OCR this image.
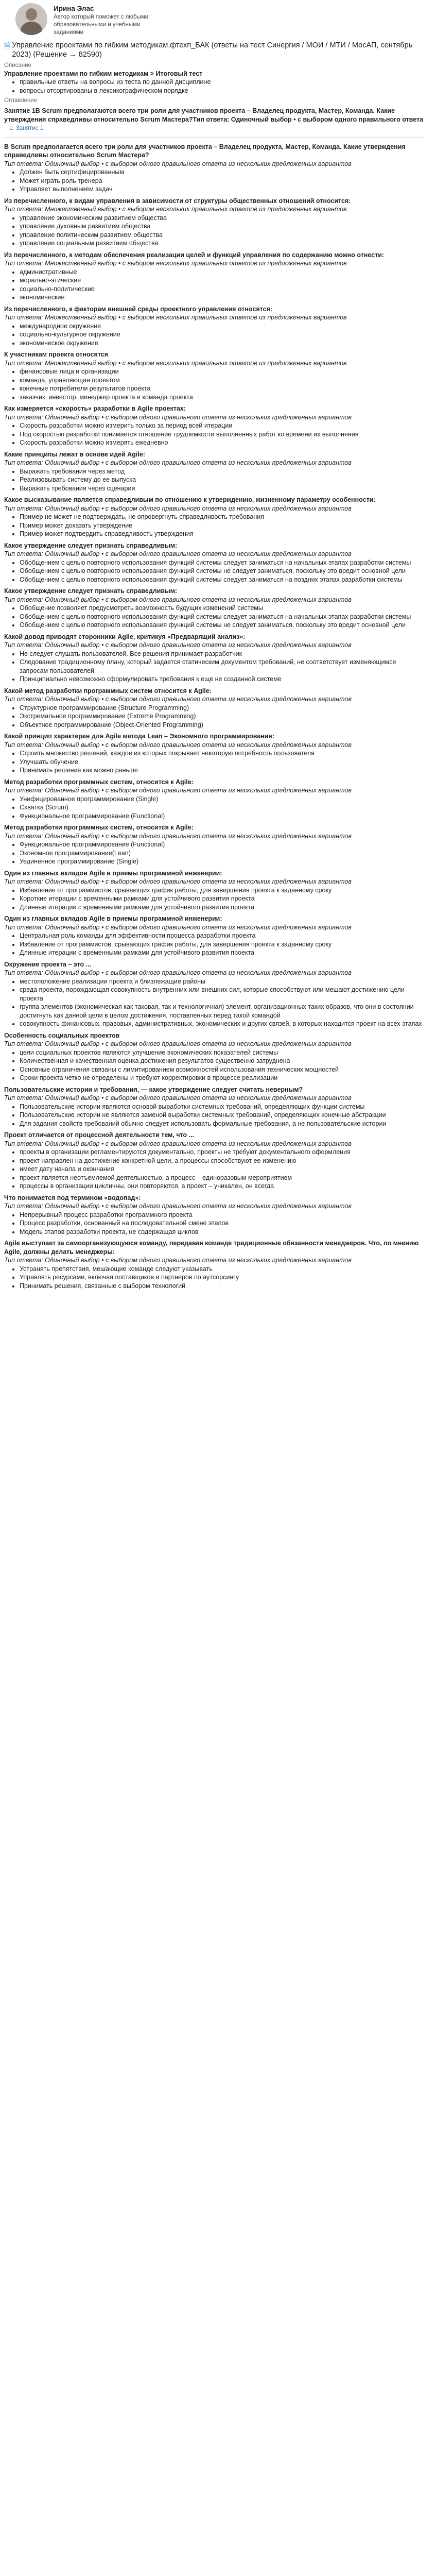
Ирина Элас
Автор который поможет с любыми образовательными и учебными заданиями
🗎 Управление проектами по гибким методикам.фтехп_БАК (ответы на тест Синергия / МОИ / МТИ / МосАП, сентябрь 2023) (Решение → 82590)
Описание
Управление проектами по гибким методикам > Итоговый тест
• правильные ответы на вопросы из теста по данной дисциплине
• вопросы отсортированы в лексикографическом порядке
Оглавление
Занятие 1В Scrum предполагаются всего три роли для участников проекта – Владелец продукта, Мастер, Команда. Какие утверждения справедливы относительно Scrum Мастера?Тип ответа: Одиночный выбор • с выбором одного правильного ответа
1. Занятие 1
В Scrum предполагается всего три роли для участников проекта – Владелец продукта, Мастер, Команда. Какие утверждения справедливы относительно Scrum Мастера?
Тип ответа: Одиночный выбор • с выбором одного правильного ответа из нескольких предложенных вариантов
• Должен быть сертифицированным
• Может играть роль тренера
• Управляет выполнением задач
Из перечисленного, к видам управления в зависимости от структуры общественных отношений относится:
Тип ответа: Множественный выбор • с выбором нескольких правильных ответов из предложенных вариантов
• управление экономическим развитием общества
• управление духовным развитием общества
• управление политическим развитием общества
• управление социальным развитием общества
Из перечисленного, к методам обеспечения реализации целей и функций управления по содержанию можно отнести:
Тип ответа: Множественный выбор • с выбором нескольких правильных ответов из предложенных вариантов
• административные
• морально-этические
• социально-политические
• экономические
Из перечисленного, к факторам внешней среды проектного управления относятся:
Тип ответа: Множественный выбор • с выбором нескольких правильных ответов из предложенных вариантов
• международное окружение
• социально-культурное окружение
• экономическое окружение
К участникам проекта относятся
Тип ответа: Множественный выбор • с выбором нескольких правильных ответов из предложенных вариантов
• финансовые лица и организации
• команда, управляющая проектом
• конечные потребители результатов проекта
• заказчик, инвестор, менеджер проекта и команда проекта
Как измеряется «скорость» разработки в Agile проектах:
Тип ответа: Одиночный выбор • с выбором одного правильного ответа из нескольких предложенных вариантов
• Скорость разработки можно измерить только за период всей итерации
• Под скоростью разработки понимается отношение трудоемкости выполненных работ ко времени их выполнения
• Скорость разработки можно измерять ежедневно
Какие принципы лежат в основе идей Agile:
Тип ответа: Одиночный выбор • с выбором одного правильного ответа из нескольких предложенных вариантов
• Выражать требования через метод
• Реализовывать систему до ее выпуска
• Выражать требования через сценарии
Какое высказывание является справедливым по отношению к утверждению, жизненному параметру особенности:
Тип ответа: Одиночный выбор • с выбором одного правильного ответа из нескольких предложенных вариантов
• Пример не может не подтверждать, не опровергнуть справедливость требования
• Пример может доказать утверждение
• Пример может подтвердить справедливость утверждения
Какое утверждение следует признать справедливым:
Тип ответа: Одиночный выбор • с выбором одного правильного ответа из нескольких предложенных вариантов
• Обобщением с целью повторного использования функций системы следует заниматься на начальных этапах разработки системы
• Обобщением с целью повторного использования функций системы не следует заниматься, поскольку это вредит основной цели
• Обобщением с целью повторного использования функций системы следует заниматься на поздних этапах разработки системы
Какое утверждение следует признать справедливым:
Тип ответа: Одиночный выбор • с выбором одного правильного ответа из нескольких предложенных вариантов
• Обобщение позволяет предусмотреть возможность будущих изменений системы
• Обобщением с целью повторного использования функций системы следует заниматься на начальных этапах разработки системы
• Обобщением с целью повторного использования функций системы не следует заниматься, поскольку это вредит основной цели
Какой довод приводят сторонники Agile, критикуя «Предварящий анализ»:
Тип ответа: Одиночный выбор • с выбором одного правильного ответа из нескольких предложенных вариантов
• Не следует слушать пользователей. Все решения принимает разработчик
• Следование традиционному плану, который задается статическим документом требований, не соответствует изменяющимся запросам пользователей
• Принципиально невозможно сформулировать требования к еще не созданной системе
Какой метод разработки программных систем относится к Agile:
Тип ответа: Одиночный выбор • с выбором одного правильного ответа из нескольких предложенных вариантов
• Структурное программирование (Structure Programming)
• Экстремальное программирование (Extreme Programming)
• Объектное программирование (Object-Oriented Programming)
Какой принцип характерен для Agile метода Lean – Экономного программирования:
Тип ответа: Одиночный выбор • с выбором одного правильного ответа из нескольких предложенных вариантов
• Строить множество решений, каждое из которых покрывает некоторую потребность пользователя
• Улучшать обучение
• Принимать решение как можно раньше
Метод разработки программных систем, относится к Agile:
Тип ответа: Одиночный выбор • с выбором одного правильного ответа из нескольких предложенных вариантов
• Унифицированное программирование (Single)
• Схватка (Scrum)
• Функциональное программирование (Functional)
Метод разработки программных систем, относится к Agile:
Тип ответа: Одиночный выбор • с выбором одного правильного ответа из нескольких предложенных вариантов
• Функциональное программирование (Functional)
• Экономное программирование(Lean)
• Уединенное программирование (Single)
Один из главных вкладов Agile в приемы программной инженерии:
Тип ответа: Одиночный выбор • с выбором одного правильного ответа из нескольких предложенных вариантов
• Избавление от программистов, срывающих график работы, для завершения проекта к заданному сроку
• Короткие итерации с временными рамками для устойчивого развития проекта
• Длинные итерации с временными рамками для устойчивого развития проекта
Один из главных вкладов Agile в приемы программной инженерии:
Тип ответа: Одиночный выбор • с выбором одного правильного ответа из нескольких предложенных вариантов
• Центральная роль команды для эффективности процесса разработки проекта
• Избавление от программистов, срывающих график работы, для завершения проекта к заданному сроку
• Длинные итерации с временными рамками для устойчивого развития проекта
Окружение проекта – это ...
Тип ответа: Одиночный выбор • с выбором одного правильного ответа из нескольких предложенных вариантов
• местоположение реализации проекта и близлежащие районы
• среда проекта, порождающая совокупность внутренних или внешних сил, которые способствуют или мешают достижению цели проекта
• группа элементов (экономическая как таковая, так и технологичная) элемент, организационных таких образов, что они в состоянии достигнуть как данной цели в целом достижения, поставленных перед такой командой
• совокупность финансовых, правовых, административных, экономических и других связей, в которых находится проект на всех этапах
Особенность социальных проектов
Тип ответа: Одиночный выбор • с выбором одного правильного ответа из нескольких предложенных вариантов
• цели социальных проектов являются улучшение экономических показателей системы
• Количественная и качественная оценка достижения результатов существенно затруднена
• Основные ограничения связаны с лимитированием возможностей использования технических мощностей
• Сроки проекта четко не определены и требуют корректировки в процессе реализации
Пользовательские истории и требования, — какое утверждение следует считать неверным?
Тип ответа: Одиночный выбор • с выбором одного правильного ответа из нескольких предложенных вариантов
• Пользовательские истории являются основой выработки системных требований, определяющих функции системы
• Пользовательские истории не являются заменой выработки системных требований, определяющих конечные абстракции
• Для задания свойств требований обычно следует использовать формальные требования, а не пользовательские истории
Проект отличается от процессной деятельности тем, что ...
Тип ответа: Одиночный выбор • с выбором одного правильного ответа из нескольких предложенных вариантов
• проекты в организации регламентируются документально, проекты не требуют документального оформления
• проект направлен на достижение конкретной цели, а процессы способствуют ее изменению
• имеет дату начала и окончания
• проект является неотъемлемой деятельностью, а процесс – единоразовым мероприятием
• процессы в организации цикличны, они повторяются, а проект – уникален, он всегда
Что понимается под термином «водопад»:
Тип ответа: Одиночный выбор • с выбором одного правильного ответа из нескольких предложенных вариантов
• Непрерывный процесс разработки программного проекта
• Процесс разработки, основанный на последовательной смене этапов
• Модель этапов разработки проекта, не содержащая циклов
Agile выступает за самоорганизующуюся команду, передавая команде традиционные обязанности менеджеров. Что, по мнению Agile, должны делать менеджеры:
Тип ответа: Одиночный выбор • с выбором одного правильного ответа из нескольких предложенных вариантов
• Устранять препятствия, мешающие команде следуют указывать
• Управлять ресурсами, включая поставщиков и партнеров по аутсорсингу
• Принимать решения, связанные с выбором технологий
